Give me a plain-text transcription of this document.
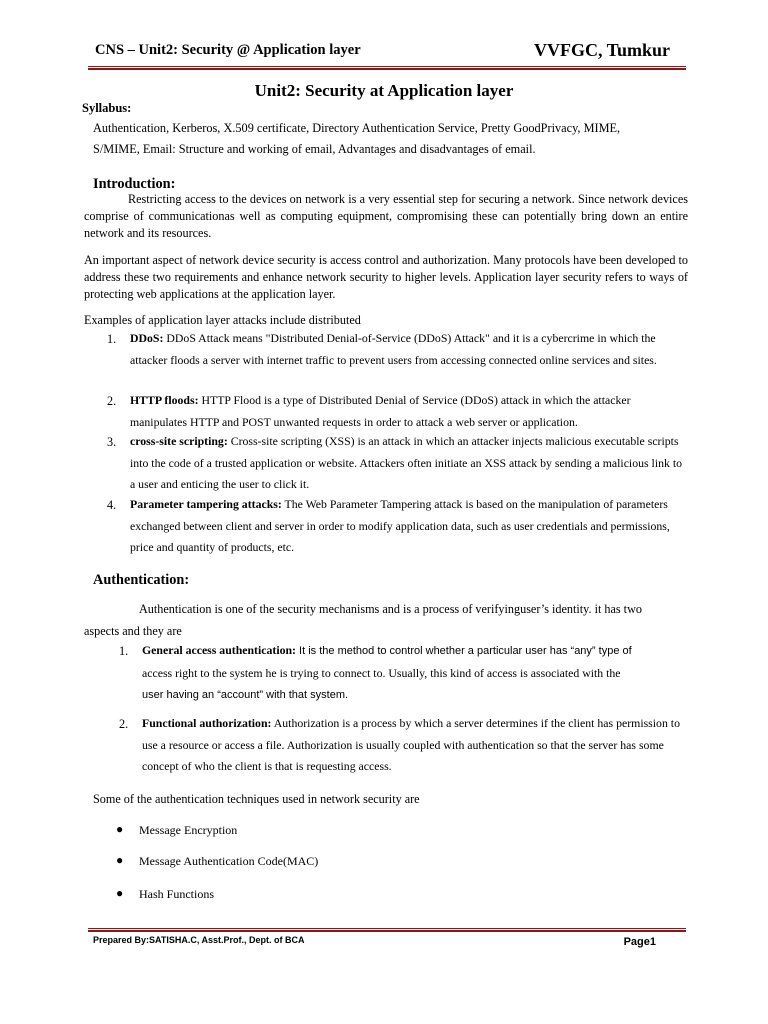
CNS – Unit2: Security @ Application layer	VVFGC, Tumkur
Unit2: Security at Application layer
Syllabus:
Authentication, Kerberos, X.509 certificate, Directory Authentication Service, Pretty GoodPrivacy, MIME,
S/MIME, Email: Structure and working of email, Advantages and disadvantages of email.
Introduction:
Restricting access to the devices on network is a very essential step for securing a network. Since network devices comprise of communicationas well as computing equipment, compromising these can potentially bring down an entire network and its resources.
An important aspect of network device security is access control and authorization. Many protocols have been developed to address these two requirements and enhance network security to higher levels. Application layer security refers to ways of protecting web applications at the application layer.
Examples of application layer attacks include distributed
1. DDoS: DDoS Attack means "Distributed Denial-of-Service (DDoS) Attack" and it is a cybercrime in which the attacker floods a server with internet traffic to prevent users from accessing connected online services and sites.
2. HTTP floods: HTTP Flood is a type of Distributed Denial of Service (DDoS) attack in which the attacker manipulates HTTP and POST unwanted requests in order to attack a web server or application.
3. cross-site scripting: Cross-site scripting (XSS) is an attack in which an attacker injects malicious executable scripts into the code of a trusted application or website. Attackers often initiate an XSS attack by sending a malicious link to a user and enticing the user to click it.
4. Parameter tampering attacks: The Web Parameter Tampering attack is based on the manipulation of parameters exchanged between client and server in order to modify application data, such as user credentials and permissions, price and quantity of products, etc.
Authentication:
Authentication is one of the security mechanisms and is a process of verifyinguser’s identity. it has two
aspects and they are
1. General access authentication: It is the method to control whether a particular user has “any” type of
access right to the system he is trying to connect to. Usually, this kind of access is associated with the
user having an “account” with that system.
2. Functional authorization: Authorization is a process by which a server determines if the client has permission to use a resource or access a file. Authorization is usually coupled with authentication so that the server has some concept of who the client is that is requesting access.
Some of the authentication techniques used in network security are
● Message Encryption
● Message Authentication Code(MAC)
● Hash Functions
Prepared By:SATISHA.C, Asst.Prof., Dept. of BCA	Page1
